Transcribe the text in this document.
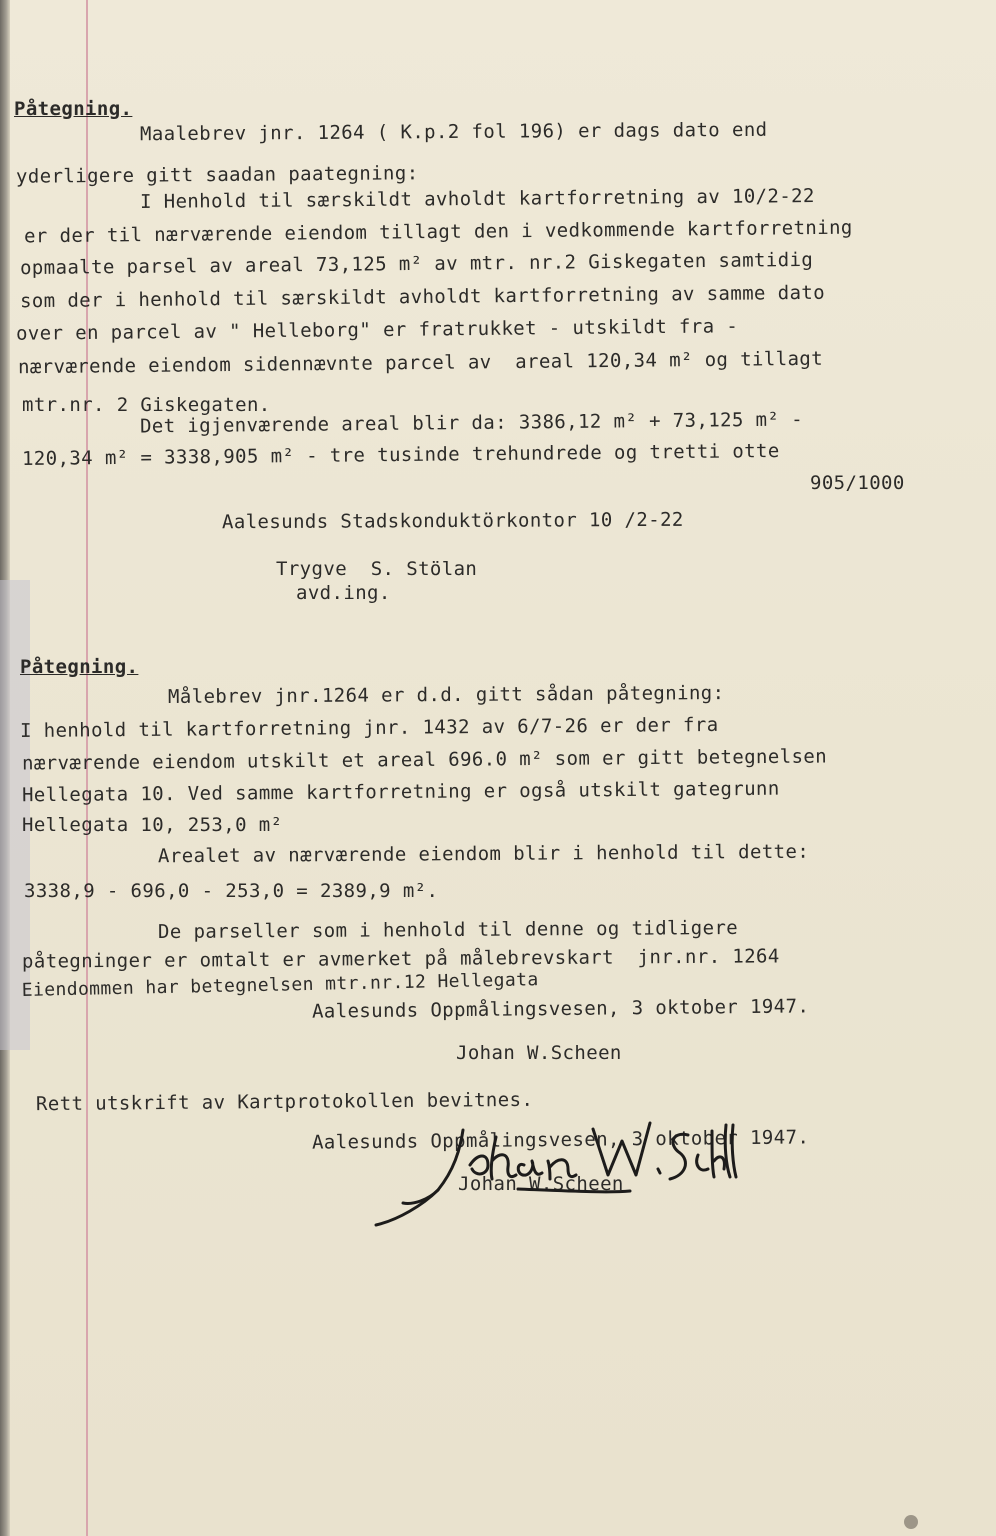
Påtegning.
Maalebrev jnr. 1264 ( K.p.2 fol 196) er dags dato end
yderligere gitt saadan paategning:
I Henhold til særskildt avholdt kartforretning av 10/2-22
er der til nærværende eiendom tillagt den i vedkommende kartforretning
opmaalte parsel av areal 73,125 m² av mtr. nr.2 Giskegaten samtidig
som der i henhold til særskildt avholdt kartforretning av samme dato
over en parcel av " Helleborg" er fratrukket - utskildt fra -
nærværende eiendom sidennævnte parcel av  areal 120,34 m² og tillagt
mtr.nr. 2 Giskegaten.
Det igjenværende areal blir da: 3386,12 m² + 73,125 m² -
120,34 m² = 3338,905 m² - tre tusinde trehundrede og tretti otte
905/1000
Aalesunds Stadskonduktörkontor 10 /2-22
Trygve  S. Stölan
avd.ing.
Påtegning.
Målebrev jnr.1264 er d.d. gitt sådan påtegning:
I henhold til kartforretning jnr. 1432 av 6/7-26 er der fra
nærværende eiendom utskilt et areal 696.0 m² som er gitt betegnelsen
Hellegata 10. Ved samme kartforretning er også utskilt gategrunn
Hellegata 10, 253,0 m²
Arealet av nærværende eiendom blir i henhold til dette:
3338,9 - 696,0 - 253,0 = 2389,9 m².
De parseller som i henhold til denne og tidligere
påtegninger er omtalt er avmerket på målebrevskart  jnr.nr. 1264
Eiendommen har betegnelsen mtr.nr.12 Hellegata
Aalesunds Oppmålingsvesen, 3 oktober 1947.
Johan W.Scheen
Rett utskrift av Kartprotokollen bevitnes.
Aalesunds Oppmålingsvesen, 3 oktober 1947.
Johan W.Scheen
